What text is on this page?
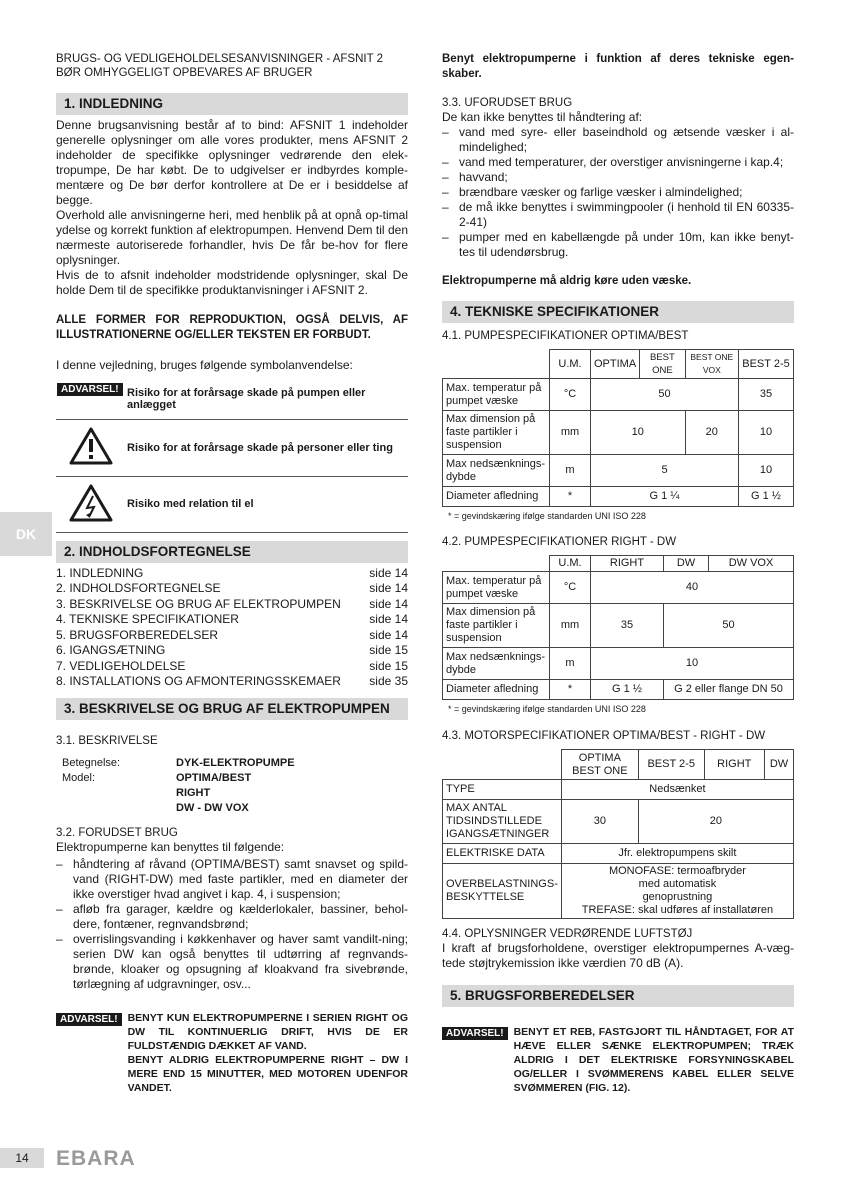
BRUGS- OG VEDLIGEHOLDELSESANVISNINGER - AFSNIT 2

BØR OMHYGGELIGT OPBEVARES AF BRUGER

1. INDLEDNING

Denne brugsanvisning består af to bind: AFSNIT 1 indeholder generelle oplysninger om alle vores produkter, mens AFSNIT 2 indeholder de specifikke oplysninger vedrørende den elek-tropumpe, De har købt. De to udgivelser er indbyrdes komple-mentære og De bør derfor kontrollere at De er i besiddelse af begge.

Overhold alle anvisningerne heri, med henblik på at opnå op-timal ydelse og korrekt funktion af elektropumpen. Henvend Dem til den nærmeste autoriserede forhandler, hvis De får be-hov for flere oplysninger.

Hvis de to afsnit indeholder modstridende oplysninger, skal De holde Dem til de specifikke produktanvisninger i AFSNIT 2.

ALLE FORMER FOR REPRODUKTION, OGSÅ DELVIS, AF ILLUSTRATIONERNE OG/ELLER TEKSTEN ER FORBUDT.

I denne vejledning, bruges følgende symbolanvendelse:

ADVARSEL!	Risiko for at forårsage skade på pumpen eller anlægget
	Risiko for at forårsage skade på personer eller ting
	Risiko med relation til el
2. INDHOLDSFORTEGNELSE
1. INDLEDNING	side 14
2. INDHOLDSFORTEGNELSE	side 14
3. BESKRIVELSE OG BRUG AF ELEKTROPUMPEN	side 14
4. TEKNISKE SPECIFIKATIONER	side 14
5. BRUGSFORBEREDELSER	side 14
6. IGANGSÆTNING	side 15
7. VEDLIGEHOLDELSE	side 15
8. INSTALLATIONS OG AFMONTERINGSSKEMAER	side 35
3. BESKRIVELSE OG BRUG AF ELEKTROPUMPEN

3.1. BESKRIVELSE

Betegnelse:	DYK-ELEKTROPUMPE
Model:	OPTIMA/BEST
RIGHT
DW - DW VOX

3.2. FORUDSET BRUG

Elektropumperne kan benyttes til følgende:

– håndtering af råvand (OPTIMA/BEST) samt snavset og spild-vand (RIGHT-DW) med faste partikler, med en diameter der ikke overstiger hvad angivet i kap. 4, i suspension;
– afløb fra garager, kældre og kælderlokaler, bassiner, behol-dere, fontæner, regnvandsbrønd;
– overrislingsvanding i køkkenhaver og haver samt vandilt-ning; serien DW kan også benyttes til udtørring af regnvands-brønde, kloaker og opsugning af kloakvand fra sivebrønde, tørlægning af udgravninger, osv...
ADVARSEL! BENYT KUN ELEKTROPUMPERNE I SERIEN RIGHT OG DW TIL KONTINUERLIG DRIFT, HVIS DE ER FULDSTÆNDIG DÆKKET AF VAND.
BENYT ALDRIG ELEKTROPUMPERNE RIGHT – DW I MERE END 15 MINUTTER, MED MOTOREN UDENFOR VANDET.

Benyt elektropumperne i funktion af deres tekniske egen-skaber.

3.3. UFORUDSET BRUG

De kan ikke benyttes til håndtering af:

– vand med syre- eller baseindhold og ætsende væsker i al-mindelighed;
– vand med temperaturer, der overstiger anvisningerne i kap.4;
– havvand;
– brændbare væsker og farlige væsker i almindelighed;
– de må ikke benyttes i swimmingpooler (i henhold til EN 60335-2-41)
– pumper med en kabellængde på under 10m, kan ikke benyt-tes til udendørsbrug.

Elektropumperne må aldrig køre uden væske.

4. TEKNISKE SPECIFIKATIONER

4.1. PUMPESPECIFIKATIONER OPTIMA/BEST

	U.M.	OPTIMA	BEST ONE	BEST ONE VOX	BEST 2-5
Max. temperatur på pumpet væske	°C	50			35
Max dimension på faste partikler i suspension	mm	10		20	10
Max nedsænknings-dybde	m	5			10
Diameter afledning	*	G 1 ¼			G 1 ½

* = gevindskæring ifølge standarden UNI ISO 228

4.2. PUMPESPECIFIKATIONER RIGHT - DW

	U.M.	RIGHT	DW	DW VOX
Max. temperatur på pumpet væske	°C	40		
Max dimension på faste partikler i suspension	mm	35	50	
Max nedsænknings-dybde	m	10		
Diameter afledning	*	G 1 ½	G 2 eller flange DN 50	

* = gevindskæring ifølge standarden UNI ISO 228

4.3. MOTORSPECIFIKATIONER OPTIMA/BEST - RIGHT - DW

	OPTIMA BEST ONE	BEST 2-5	RIGHT	DW
TYPE	Nedsænket			
MAX ANTAL TIDSINDSTILLEDE IGANGSÆTNINGER	30	20		
ELEKTRISKE DATA	Jfr. elektropumpens skilt			
OVERBELASTNINGS-BESKYTTELSE	MONOFASE: termoafbryder med automatisk genoprustning
TREFASE: skal udføres af installatøren			

4.4. OPLYSNINGER VEDRØRENDE LUFTSTØJ

I kraft af brugsforholdene, overstiger elektropumpernes A-væg-tede støjtrykemission ikke værdien 70 dB (A).

5. BRUGSFORBEREDELSER
ADVARSEL! BENYT ET REB, FASTGJORT TIL HÅNDTAGET, FOR AT HÆVE ELLER SÆNKE ELEKTROPUMPEN; TRÆK ALDRIG I DET ELEKTRISKE FORSYNINGSKABEL OG/ELLER I SVØMMERENS KABEL ELLER SELVE SVØMMEREN (FIG. 12).
DK
14	EBARA
